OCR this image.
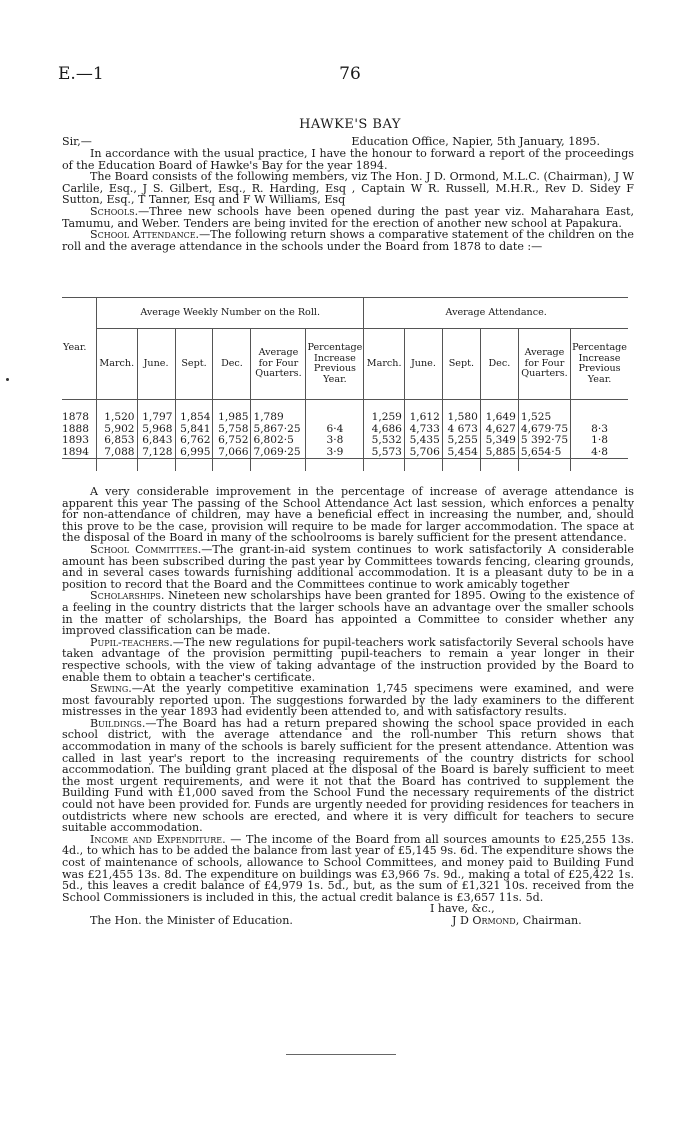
E.—1	76
HAWKE'S BAY
Sir,—	Education Office, Napier, 5th January, 1895.

In accordance with the usual practice, I have the honour to forward a report of the proceedings of the Education Board of Hawke's Bay for the year 1894.

The Board consists of the following members, viz The Hon. J D. Ormond, M.L.C. (Chairman), J W Carlile, Esq., J S. Gilbert, Esq., R. Harding, Esq , Captain W R. Russell, M.H.R., Rev D. Sidey F Sutton, Esq., T Tanner, Esq and F W Williams, Esq

Schools.—Three new schools have been opened during the past year viz. Maharahara East, Tamumu, and Weber. Tenders are being invited for the erection of another new school at Papakura.

School Attendance.—The following return shows a comparative statement of the children on the roll and the average attendance in the schools under the Board from 1878 to date :—

Year.	Average Weekly Number on the Roll.						Average Attendance.					
	March.	June.	Sept.	Dec.	Average for Four Quarters.	Percentage Increase Previous Year.	March.	June.	Sept.	Dec.	Average for Four Quarters.	Percentage Increase Previous Year.

1878	1,520	1,797	1,854	1,985	1,789		1,259	1,612	1,580	1,649	1,525	
1888	5,902	5,968	5,841	5,758	5,867·25	6·4	4,686	4,733	4 673	4,627	4,679·75	8·3
1893	6,853	6,843	6,762	6,752	6,802·5	3·8	5,532	5,435	5,255	5,349	5 392·75	1·8
1894	7,088	7,128	6,995	7,066	7,069·25	3·9	5,573	5,706	5,454	5,885	5,654·5	4·8

A very considerable improvement in the percentage of increase of average attendance is apparent this year The passing of the School Attendance Act last session, which enforces a penalty for non-attendance of children, may have a beneficial effect in increasing the number, and, should this prove to be the case, provision will require to be made for larger accommodation. The space at the disposal of the Board in many of the schoolrooms is barely sufficient for the present attendance.

School Committees.—The grant-in-aid system continues to work satisfactorily A considerable amount has been subscribed during the past year by Committees towards fencing, clearing grounds, and in several cases towards furnishing additional accommodation. It is a pleasant duty to be in a position to record that the Board and the Committees continue to work amicably together

Scholarships. Nineteen new scholarships have been granted for 1895. Owing to the existence of a feeling in the country districts that the larger schools have an advantage over the smaller schools in the matter of scholarships, the Board has appointed a Committee to consider whether any improved classification can be made.

Pupil-teachers.—The new regulations for pupil-teachers work satisfactorily Several schools have taken advantage of the provision permitting pupil-teachers to remain a year longer in their respective schools, with the view of taking advantage of the instruction provided by the Board to enable them to obtain a teacher's certificate.

Sewing.—At the yearly competitive examination 1,745 specimens were examined, and were most favourably reported upon. The suggestions forwarded by the lady examiners to the different mistresses in the year 1893 had evidently been attended to, and with satisfactory results.

Buildings.—The Board has had a return prepared showing the school space provided in each school district, with the average attendance and the roll-number This return shows that accommodation in many of the schools is barely sufficient for the present attendance. Attention was called in last year's report to the increasing requirements of the country districts for school accommodation. The building grant placed at the disposal of the Board is barely sufficient to meet the most urgent requirements, and were it not that the Board has contrived to supplement the Building Fund with £1,000 saved from the School Fund the necessary requirements of the district could not have been provided for. Funds are urgently needed for providing residences for teachers in outdistricts where new schools are erected, and where it is very difficult for teachers to secure suitable accommodation.

Income and Expenditure. — The income of the Board from all sources amounts to £25,255 13s. 4d., to which has to be added the balance from last year of £5,145 9s. 6d. The expenditure shows the cost of maintenance of schools, allowance to School Committees, and money paid to Building Fund was £21,455 13s. 8d. The expenditure on buildings was £3,966 7s. 9d., making a total of £25,422 1s. 5d., this leaves a credit balance of £4,979 1s. 5d., but, as the sum of £1,321 10s. received from the School Commissioners is included in this, the actual credit balance is £3,657 11s. 5d.

I have, &c.,
The Hon. the Minister of Education.	J D Ormond, Chairman.
